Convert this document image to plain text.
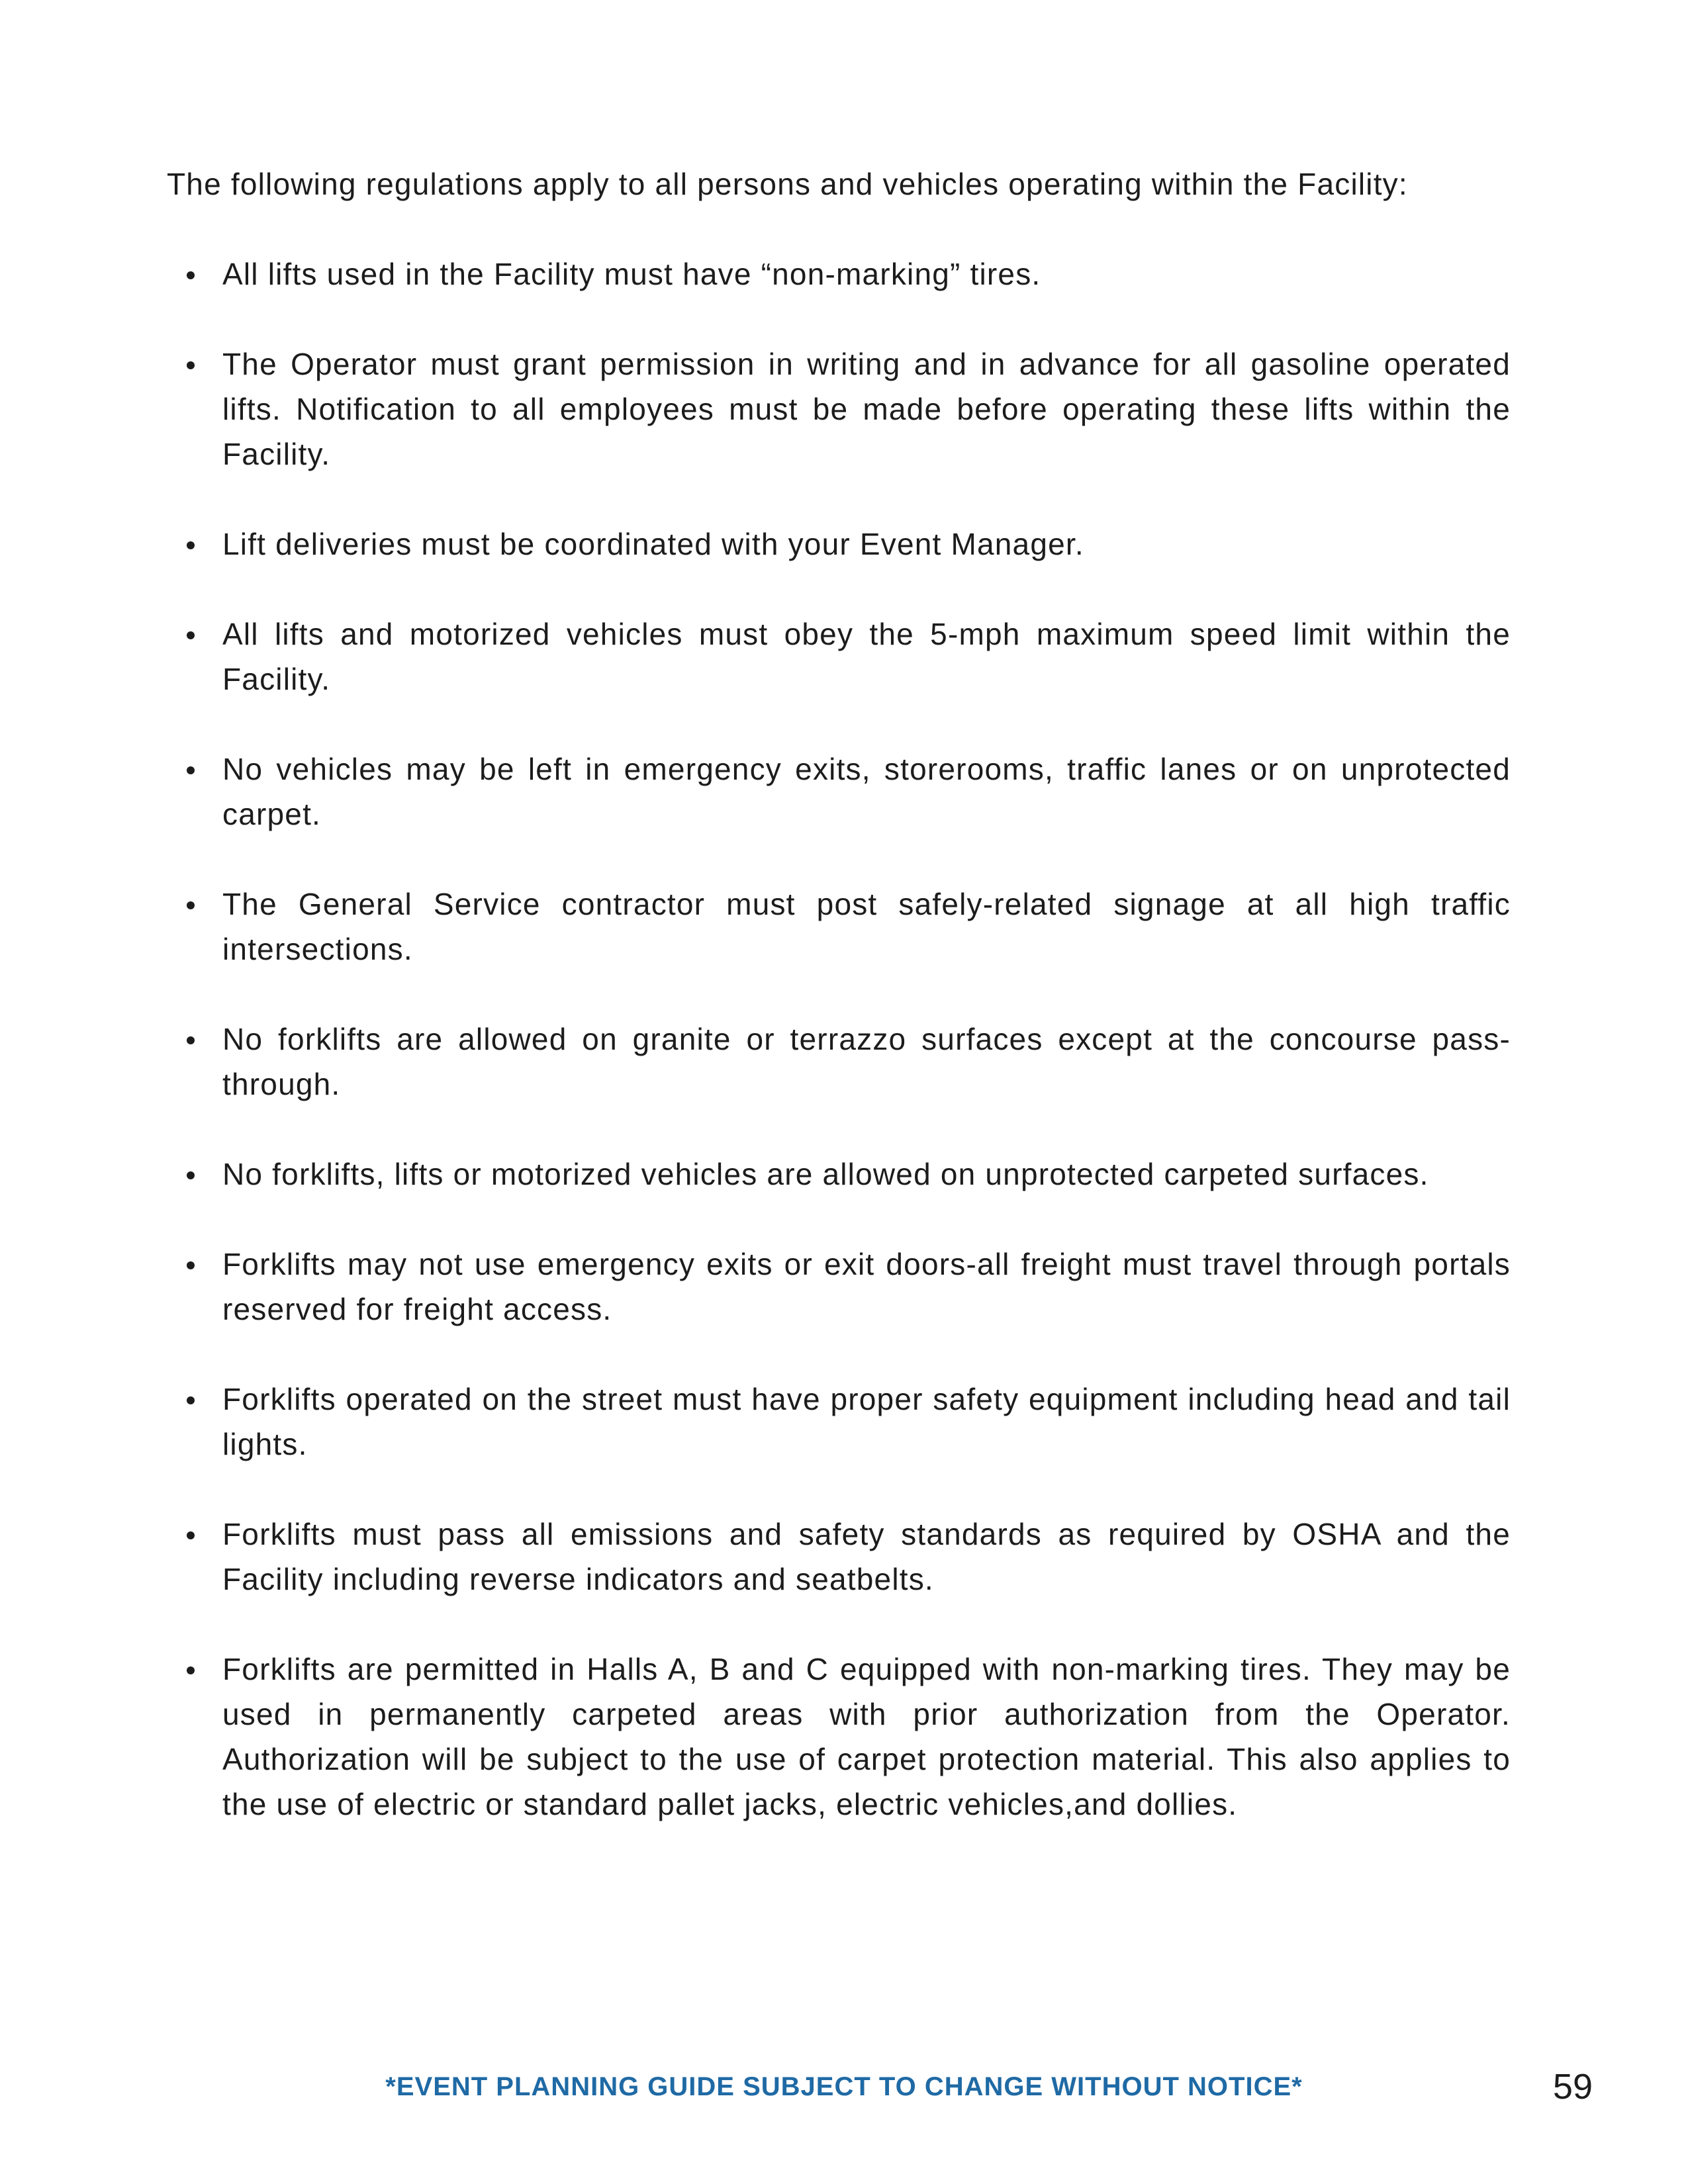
The following regulations apply to all persons and vehicles operating within the Facility:

All lifts used in the Facility must have “non-marking” tires.
The Operator must grant permission in writing and in advance for all gasoline operated lifts. Notification to all employees must be made before operating these lifts within the Facility.
Lift deliveries must be coordinated with your Event Manager.
All lifts and motorized vehicles must obey the 5-mph maximum speed limit within the Facility.
No vehicles may be left in emergency exits, storerooms, traffic lanes or on unprotected carpet.
The General Service contractor must post safely-related signage at all high traffic intersections.
No forklifts are allowed on granite or terrazzo surfaces except at the concourse pass-through.
No forklifts, lifts or motorized vehicles are allowed on unprotected carpeted surfaces.
Forklifts may not use emergency exits or exit doors-all freight must travel through portals reserved for freight access.
Forklifts operated on the street must have proper safety equipment including head and tail lights.
Forklifts must pass all emissions and safety standards as required by OSHA and the Facility including reverse indicators and seatbelts.
Forklifts are permitted in Halls A, B and C equipped with non-marking tires. They may be used in permanently carpeted areas with prior authorization from the Operator. Authorization will be subject to the use of carpet protection material. This also applies to the use of electric or standard pallet jacks, electric vehicles,and dollies.

*EVENT PLANNING GUIDE SUBJECT TO CHANGE WITHOUT NOTICE*	59
